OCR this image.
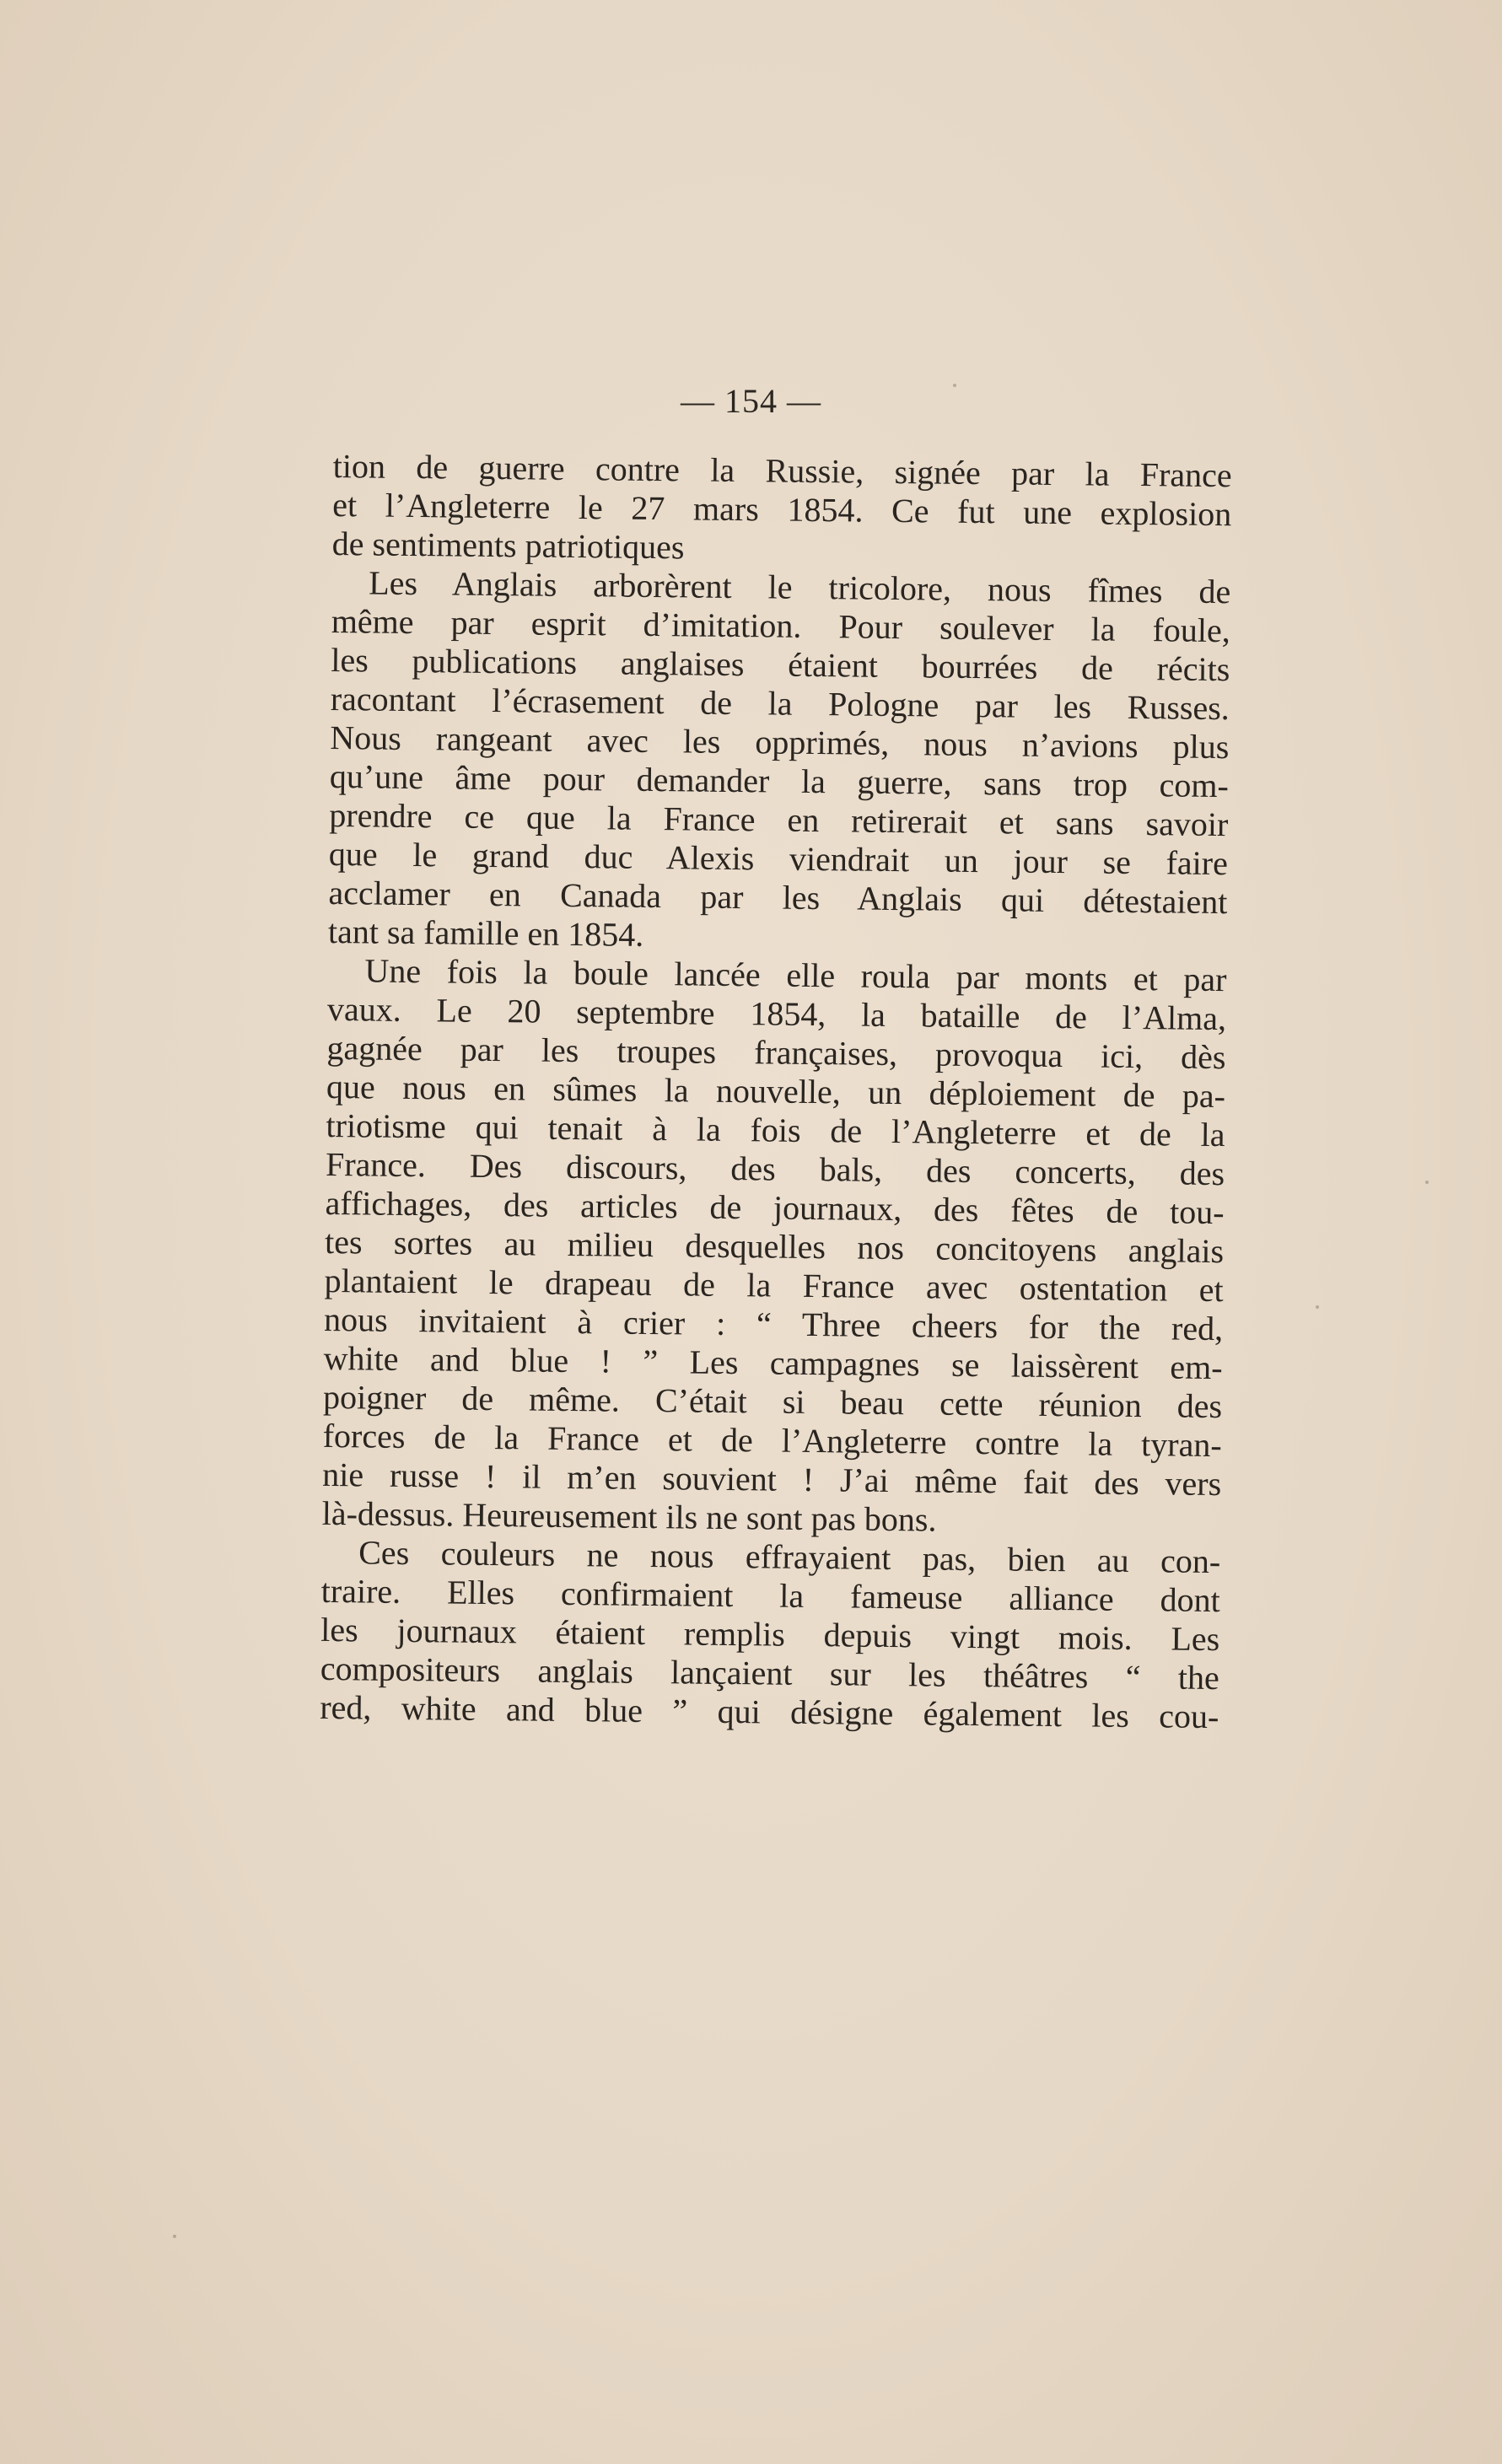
— 154 —
tion de guerre contre la Russie, signée par la France
et l’Angleterre le 27 mars 1854. Ce fut une explosion
de sentiments patriotiques
Les Anglais arborèrent le tricolore, nous fîmes de
même par esprit d’imitation. Pour soulever la foule,
les publications anglaises étaient bourrées de récits
racontant l’écrasement de la Pologne par les Russes.
Nous rangeant avec les opprimés, nous n’avions plus
qu’une âme pour demander la guerre, sans trop com-
prendre ce que la France en retirerait et sans savoir
que le grand duc Alexis viendrait un jour se faire
acclamer en Canada par les Anglais qui détestaient
tant sa famille en 1854.
Une fois la boule lancée elle roula par monts et par
vaux. Le 20 septembre 1854, la bataille de l’Alma,
gagnée par les troupes françaises, provoqua ici, dès
que nous en sûmes la nouvelle, un déploiement de pa-
triotisme qui tenait à la fois de l’Angleterre et de la
France. Des discours, des bals, des concerts, des
affichages, des articles de journaux, des fêtes de tou-
tes sortes au milieu desquelles nos concitoyens anglais
plantaient le drapeau de la France avec ostentation et
nous invitaient à crier : “ Three cheers for the red,
white and blue ! ” Les campagnes se laissèrent em-
poigner de même. C’était si beau cette réunion des
forces de la France et de l’Angleterre contre la tyran-
nie russe ! il m’en souvient ! J’ai même fait des vers
là-dessus. Heureusement ils ne sont pas bons.
Ces couleurs ne nous effrayaient pas, bien au con-
traire. Elles confirmaient la fameuse alliance dont
les journaux étaient remplis depuis vingt mois. Les
compositeurs anglais lançaient sur les théâtres “ the
red, white and blue ” qui désigne également les cou-
